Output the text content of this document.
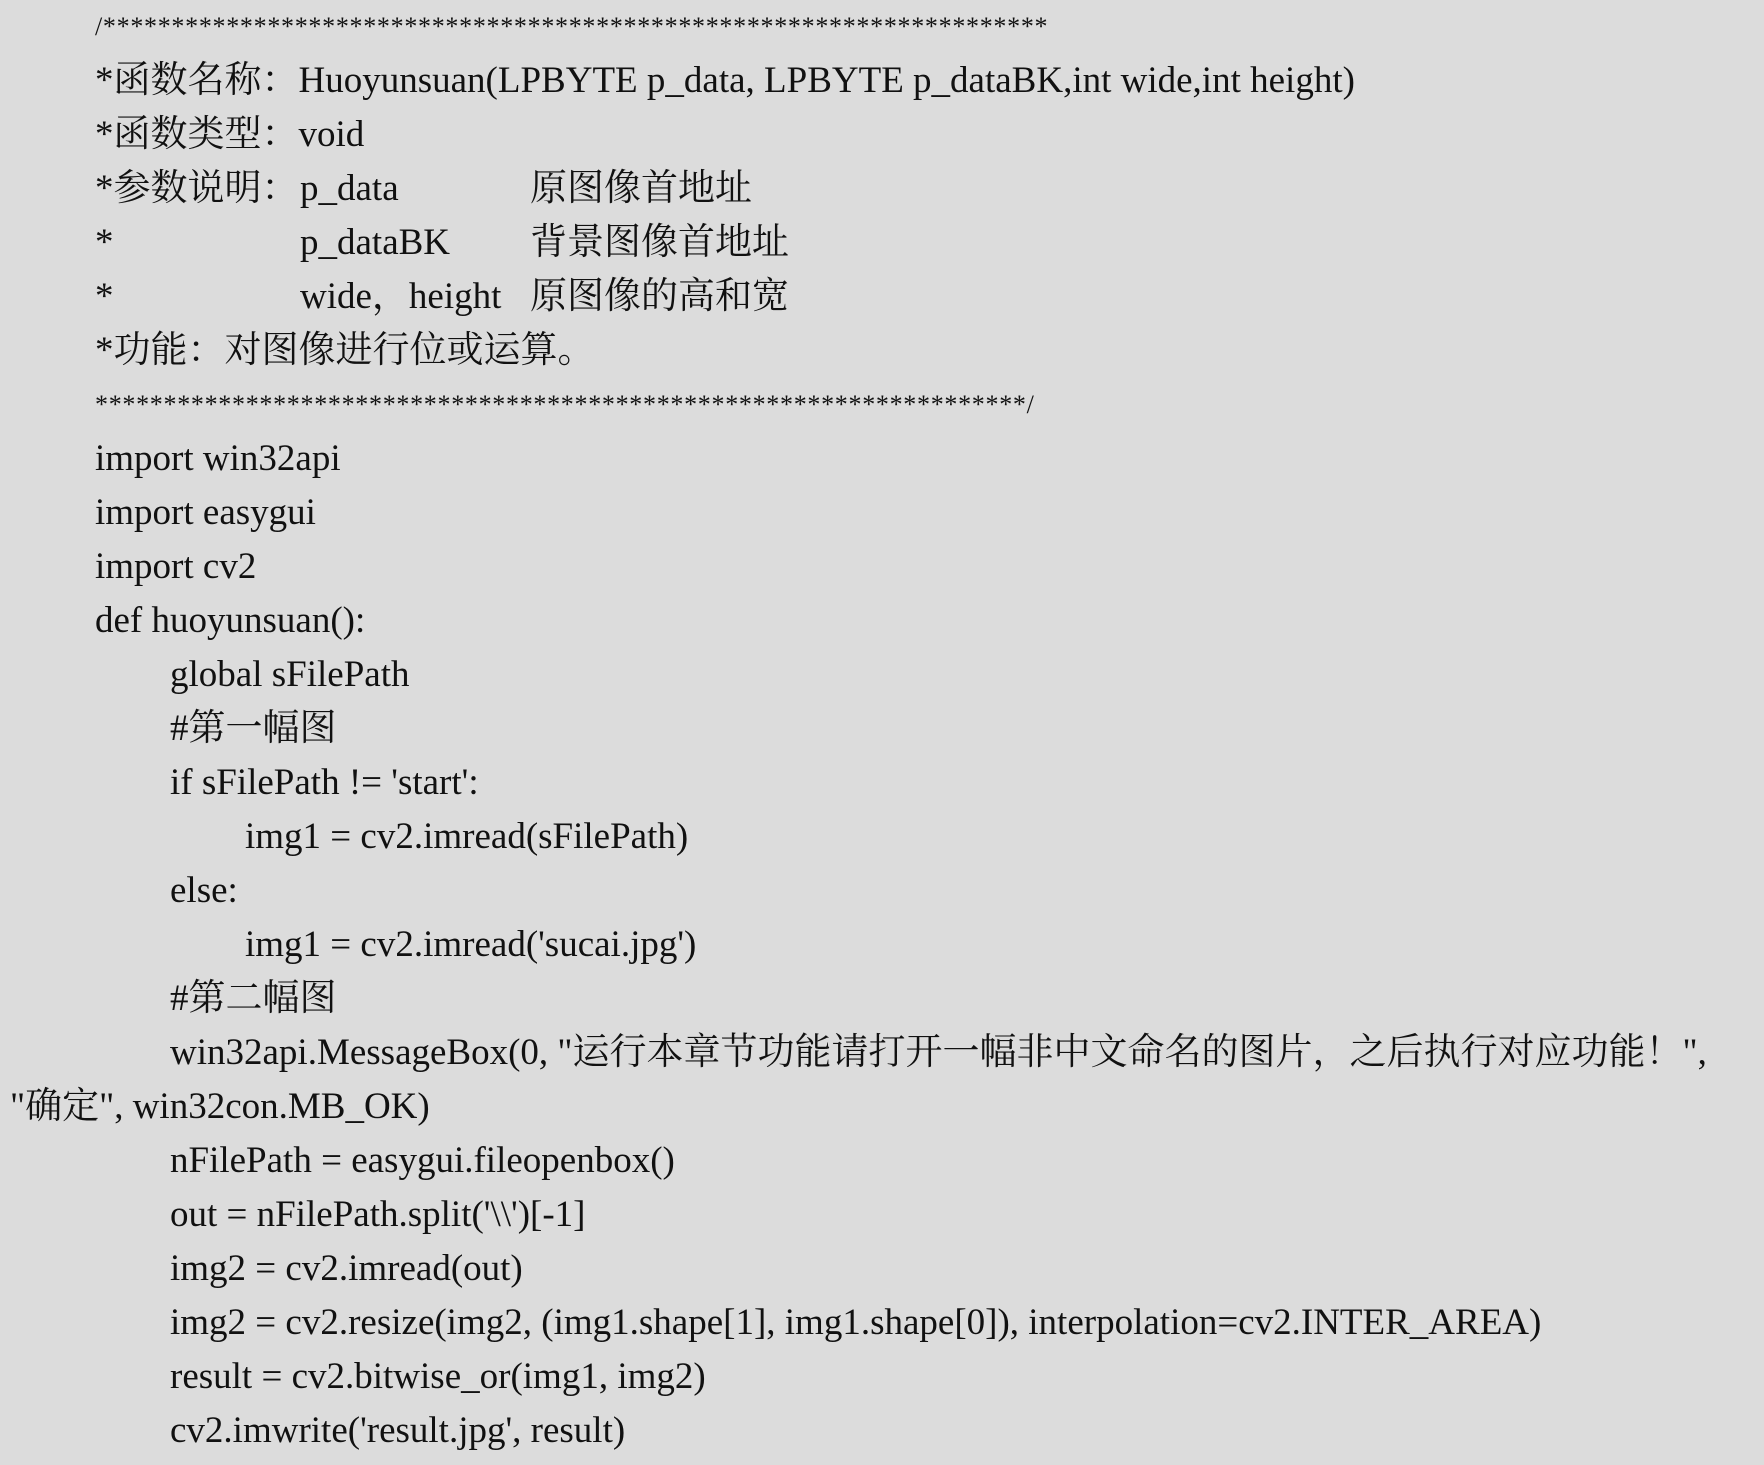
/*********************************************************************
*函数名称：Huoyunsuan(LPBYTE p_data, LPBYTE p_dataBK,int wide,int height)
*函数类型：void
*参数说明：p_data	原图像首地址
*	p_dataBK 背景图像首地址
*	wide，height 原图像的高和宽
*功能：对图像进行位或运算。
********************************************************************/
import win32api
import easygui
import cv2
def huoyunsuan():
global sFilePath
#第一幅图
if sFilePath != 'start':
img1 = cv2.imread(sFilePath)
else:
img1 = cv2.imread('sucai.jpg')
#第二幅图
win32api.MessageBox(0, "运行本章节功能请打开一幅非中文命名的图片，之后执行对应功能！",
"确定", win32con.MB_OK)
nFilePath = easygui.fileopenbox()
out = nFilePath.split('\\')[-1]
img2 = cv2.imread(out)
img2 = cv2.resize(img2, (img1.shape[1], img1.shape[0]), interpolation=cv2.INTER_AREA)
result = cv2.bitwise_or(img1, img2)
cv2.imwrite('result.jpg', result)
